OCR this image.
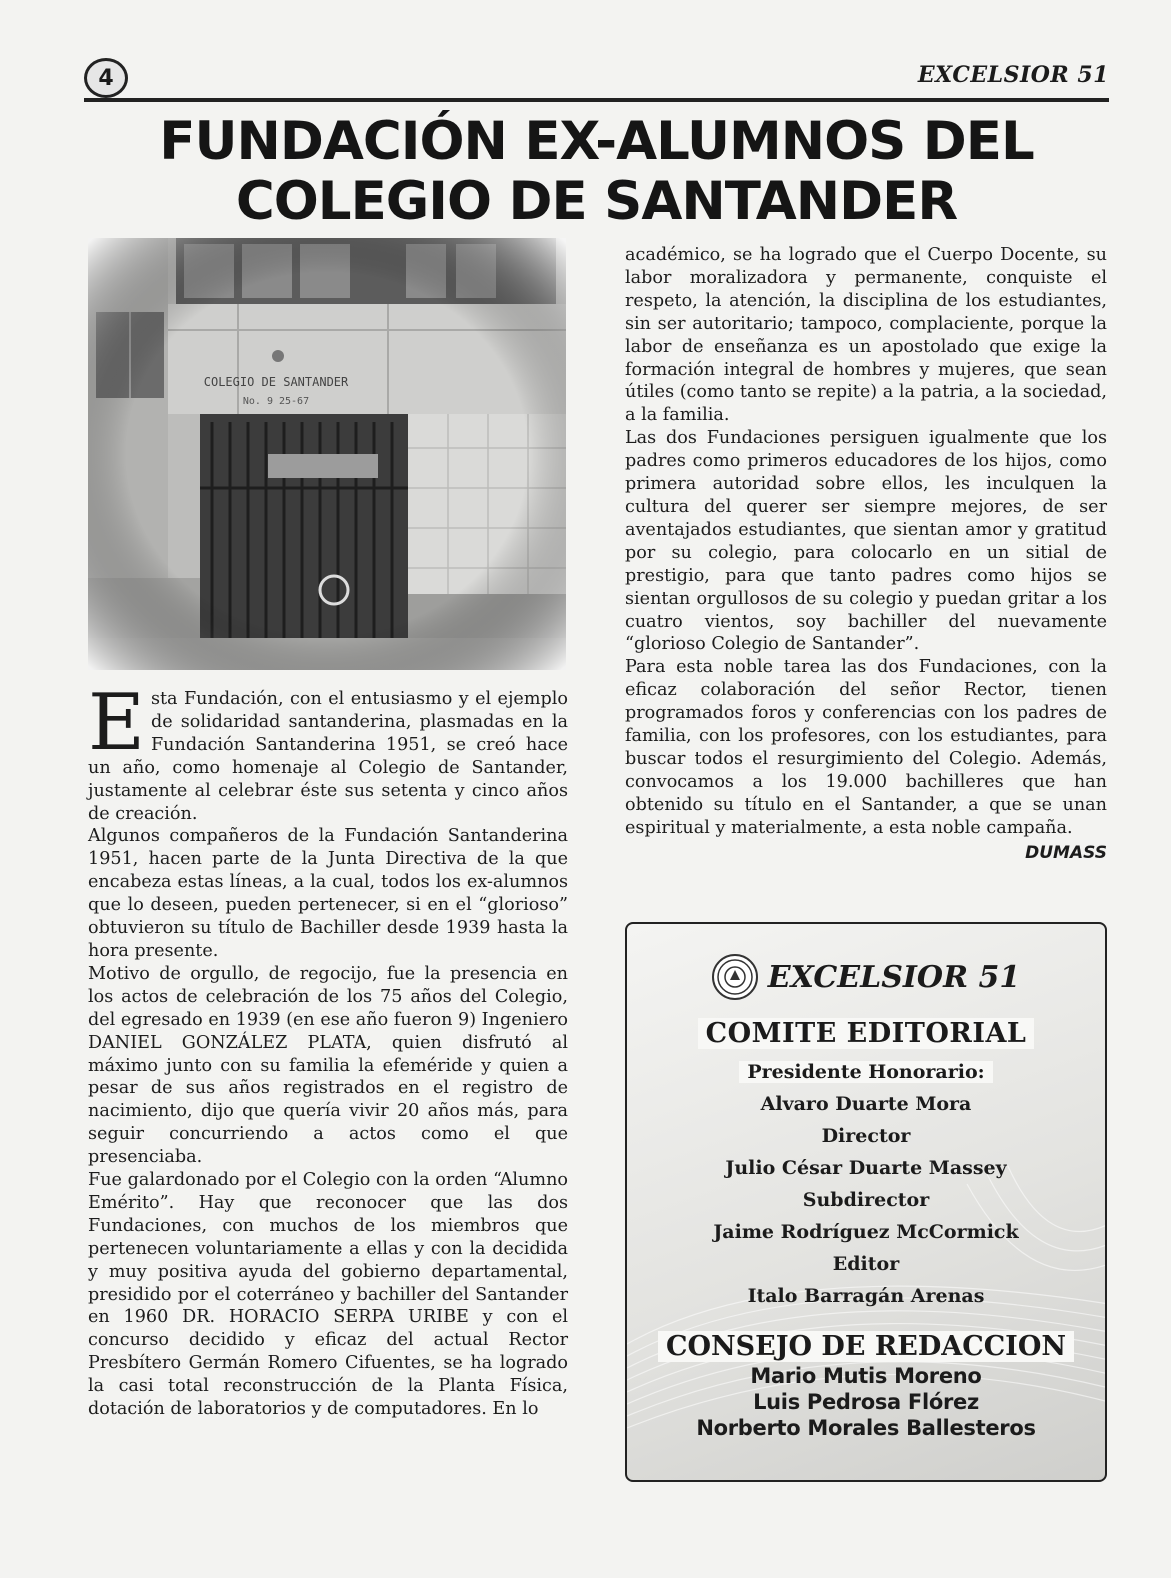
4	EXCELSIOR 51
FUNDACIÓN EX-ALUMNOS DEL
COLEGIO DE SANTANDER

Esta Fundación, con el entusiasmo y el ejemplo de solidaridad santanderina, plasmadas en la Fundación Santanderina 1951, se creó hace un año, como homenaje al Colegio de Santander, justamente al celebrar éste sus setenta y cinco años de creación.

Algunos compañeros de la Fundación Santanderina 1951, hacen parte de la Junta Directiva de la que encabeza estas líneas, a la cual, todos los ex-alumnos que lo deseen, pueden pertenecer, si en el “glorioso” obtuvieron su título de Bachiller desde 1939 hasta la hora presente.

Motivo de orgullo, de regocijo, fue la presencia en los actos de celebración de los 75 años del Colegio, del egresado en 1939 (en ese año fueron 9) Ingeniero DANIEL GONZÁLEZ PLATA, quien disfrutó al máximo junto con su familia la efeméride y quien a pesar de sus años registrados en el registro de nacimiento, dijo que quería vivir 20 años más, para seguir concurriendo a actos como el que presenciaba.

Fue galardonado por el Colegio con la orden “Alumno Emérito”. Hay que reconocer que las dos Fundaciones, con muchos de los miembros que pertenecen voluntariamente a ellas y con la decidida y muy positiva ayuda del gobierno departamental, presidido por el coterráneo y bachiller del Santander en 1960 DR. HORACIO SERPA URIBE y con el concurso decidido y eficaz del actual Rector Presbítero Germán Romero Cifuentes, se ha logrado la casi total reconstrucción de la Planta Física, dotación de laboratorios y de computadores. En lo

académico, se ha logrado que el Cuerpo Docente, su labor moralizadora y permanente, conquiste el respeto, la atención, la disciplina de los estudiantes, sin ser autoritario; tampoco, complaciente, porque la labor de enseñanza es un apostolado que exige la formación integral de hombres y mujeres, que sean útiles (como tanto se repite) a la patria, a la sociedad, a la familia.

Las dos Fundaciones persiguen igualmente que los padres como primeros educadores de los hijos, como primera autoridad sobre ellos, les inculquen la cultura del querer ser siempre mejores, de ser aventajados estudiantes, que sientan amor y gratitud por su colegio, para colocarlo en un sitial de prestigio, para que tanto padres como hijos se sientan orgullosos de su colegio y puedan gritar a los cuatro vientos, soy bachiller del nuevamente “glorioso Colegio de Santander”.

Para esta noble tarea las dos Fundaciones, con la eficaz colaboración del señor Rector, tienen programados foros y conferencias con los padres de familia, con los profesores, con los estudiantes, para buscar todos el resurgimiento del Colegio. Además, convocamos a los 19.000 bachilleres que han obtenido su título en el Santander, a que se unan espiritual y materialmente, a esta noble campaña.

DUMASS
EXCELSIOR 51
COMITE EDITORIAL
Presidente Honorario:
Alvaro Duarte Mora
Director
Julio César Duarte Massey
Subdirector
Jaime Rodríguez McCormick
Editor
Italo Barragán Arenas
CONSEJO DE REDACCION
Mario Mutis Moreno
Luis Pedrosa Flórez
Norberto Morales Ballesteros
